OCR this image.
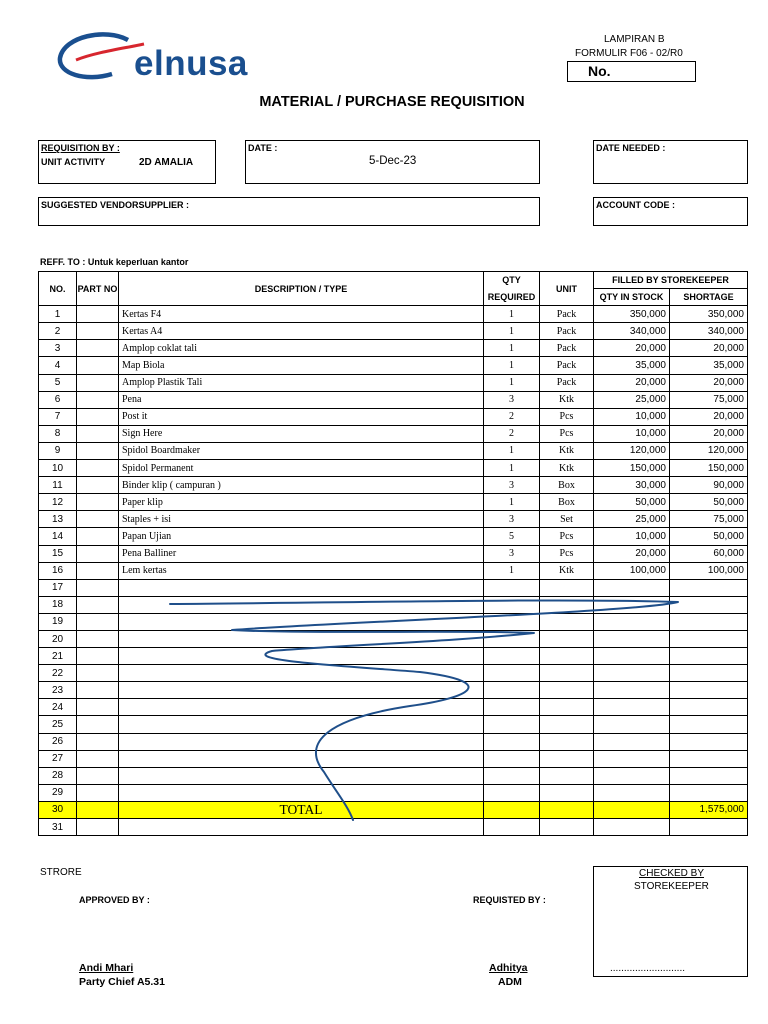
elnusa
LAMPIRAN B
FORMULIR F06 - 02/R0
No.
MATERIAL / PURCHASE REQUISITION
REQUISITION BY :
UNIT ACTIVITY	2D AMALIA
DATE :
5-Dec-23
DATE NEEDED :
SUGGESTED VENDORSUPPLIER :	ACCOUNT CODE :
REFF. TO : Untuk keperluan kantor
NO.	PART NO	DESCRIPTION / TYPE	QTY	UNIT	FILLED BY STOREKEEPER	
			REQUIRED		QTY IN STOCK	SHORTAGE
1		Kertas F4	1	Pack	350,000	350,000
2		Kertas A4	1	Pack	340,000	340,000
3		Amplop coklat tali	1	Pack	20,000	20,000
4		Map Biola	1	Pack	35,000	35,000
5		Amplop Plastik Tali	1	Pack	20,000	20,000
6		Pena	3	Ktk	25,000	75,000
7		Post it	2	Pcs	10,000	20,000
8		Sign Here	2	Pcs	10,000	20,000
9		Spidol Boardmaker	1	Ktk	120,000	120,000
10		Spidol Permanent	1	Ktk	150,000	150,000
11		Binder klip ( campuran )	3	Box	30,000	90,000
12		Paper klip	1	Box	50,000	50,000
13		Staples + isi	3	Set	25,000	75,000
14		Papan Ujian	5	Pcs	10,000	50,000
15		Pena Balliner	3	Pcs	20,000	60,000
16		Lem kertas	1	Ktk	100,000	100,000
17						
18						
19						
20						
21						
22						
23						
24						
25						
26						
27						
28						
29						
30		TOTAL				1,575,000
31						
STRORE	CHECKED BY
STOREKEEPER
...........................
APPROVED BY :	REQUISTED BY :
Andi Mhari
Party Chief A5.31
Adhitya
ADM
